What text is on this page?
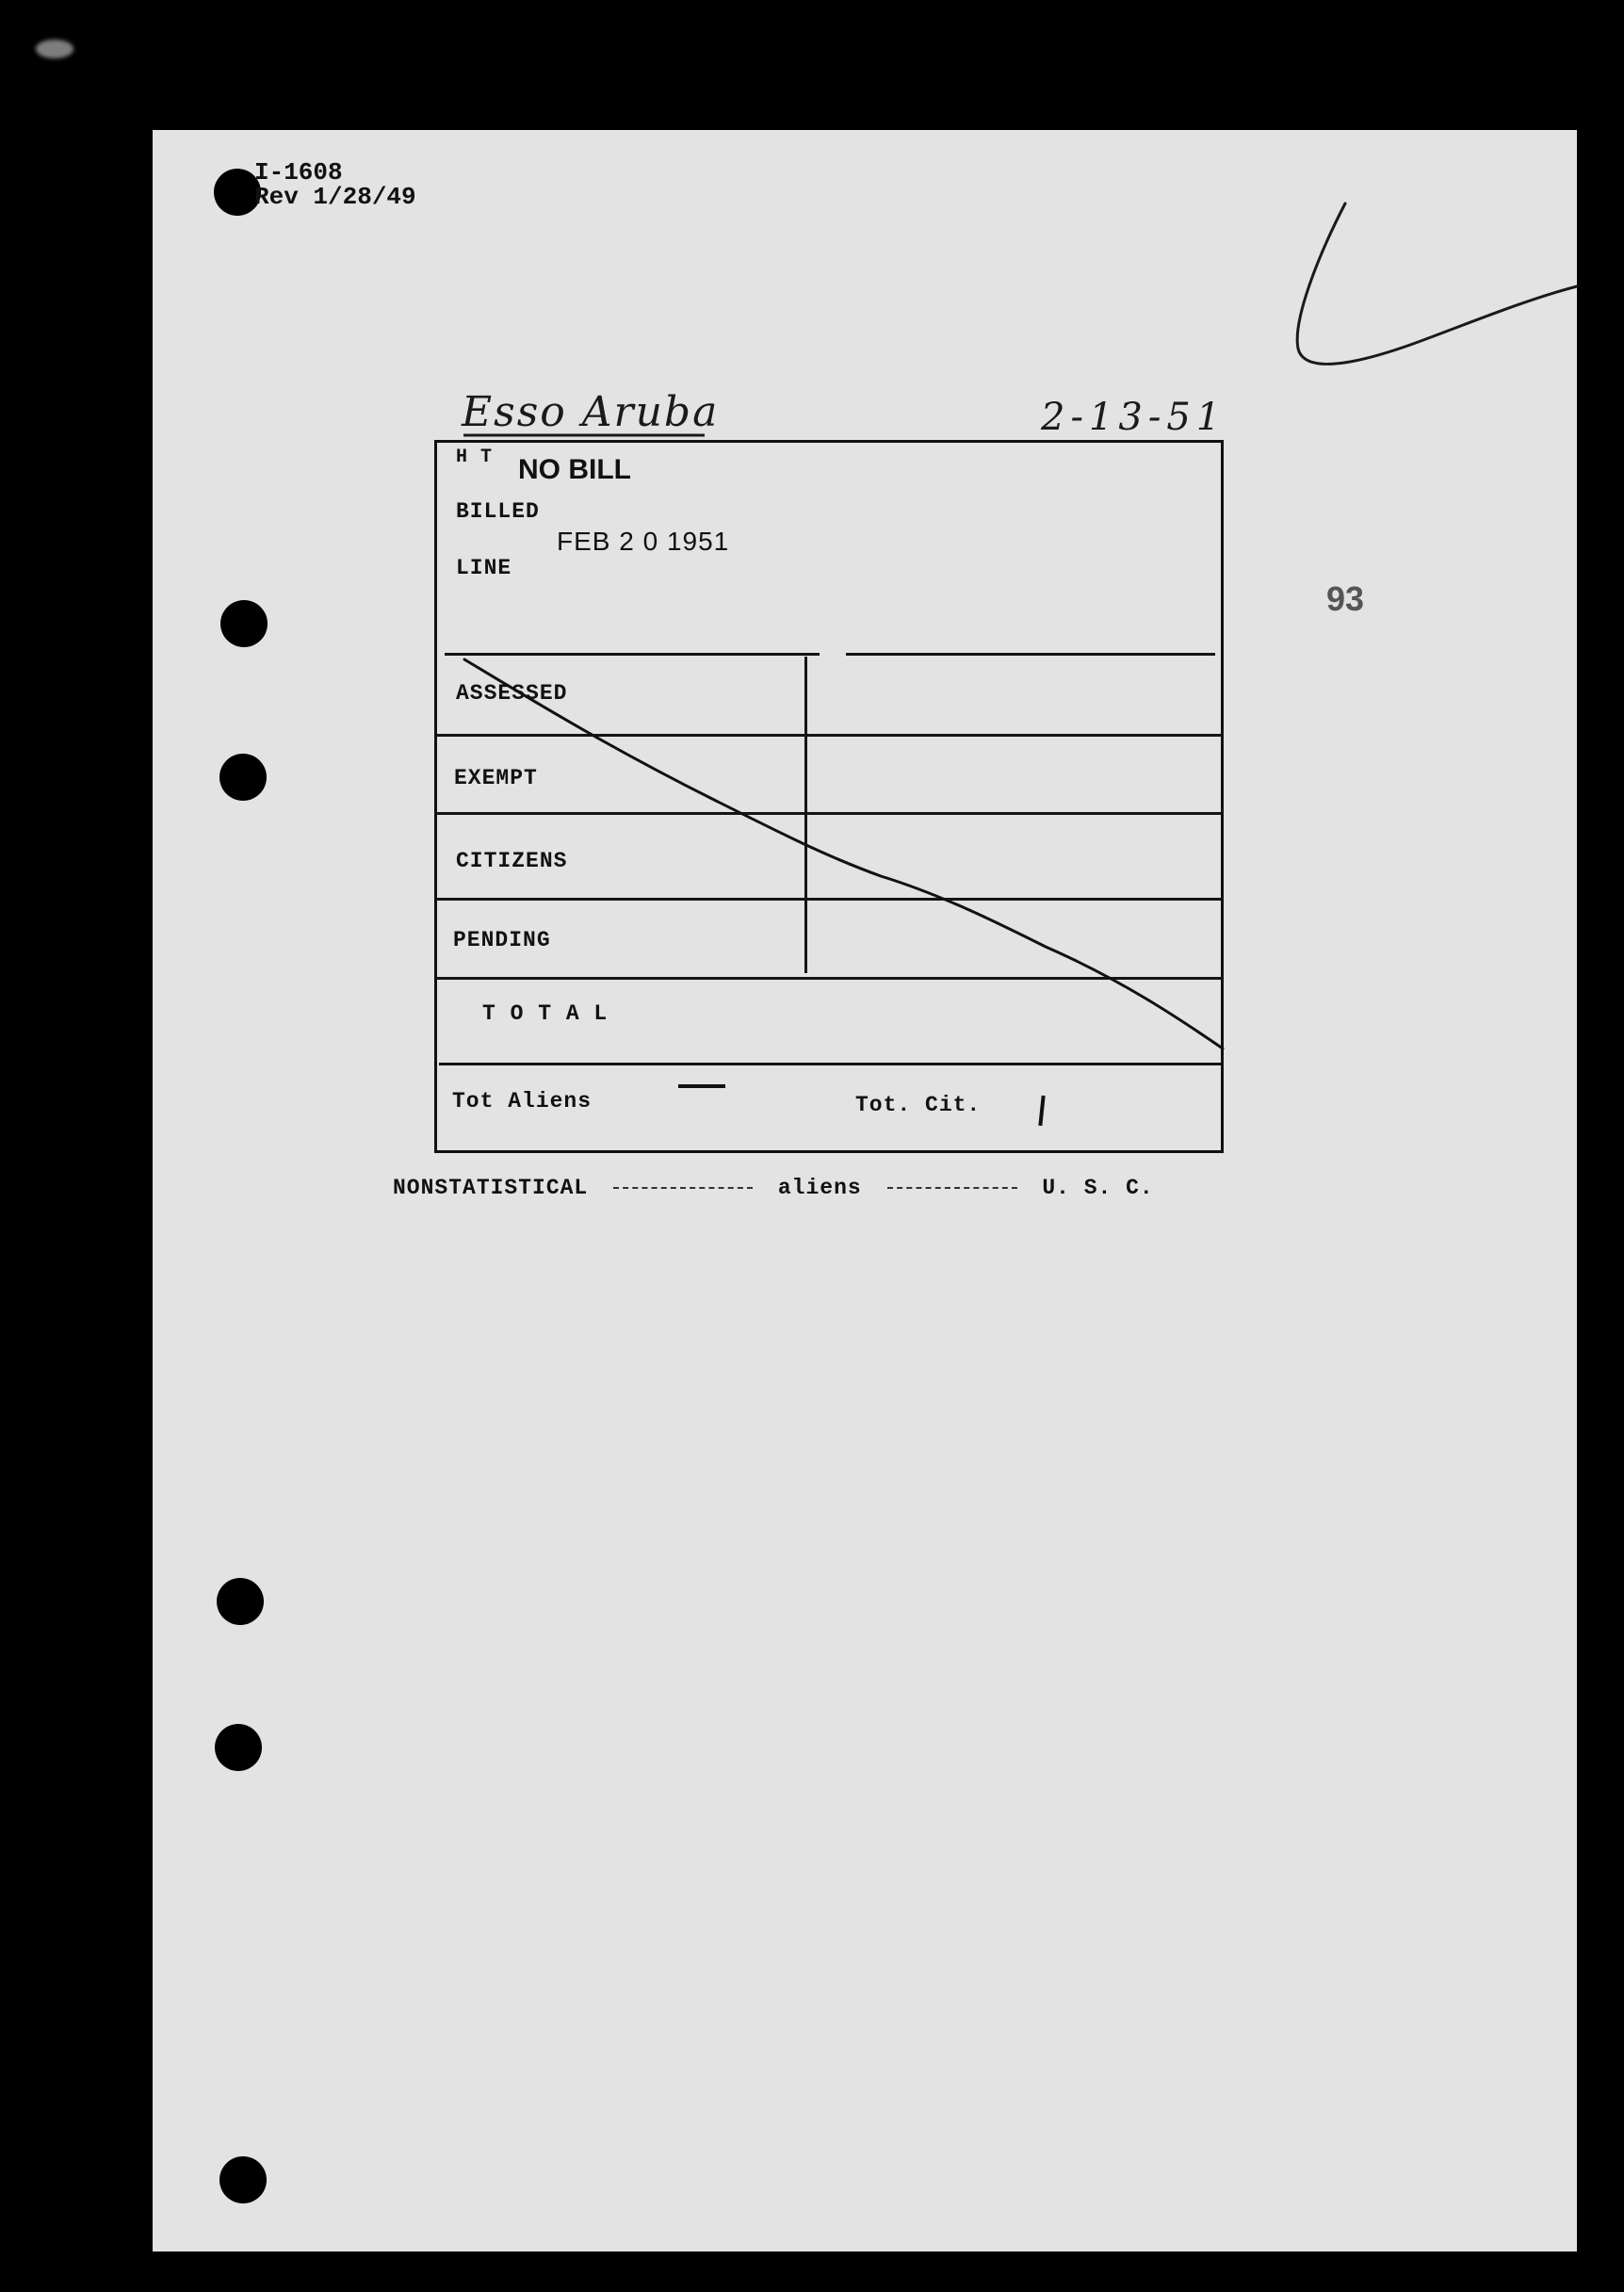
I-1608
Rev 1/28/49
Esso Aruba	2-13-51
93
H T NO BILL
BILLED
FEB 2 0 1951
LINE
ASSESSED
EXEMPT
CITIZENS
PENDING
T O T A L
Tot Aliens	Tot. Cit.
NONSTATISTICAL	aliens	U. S. C.
